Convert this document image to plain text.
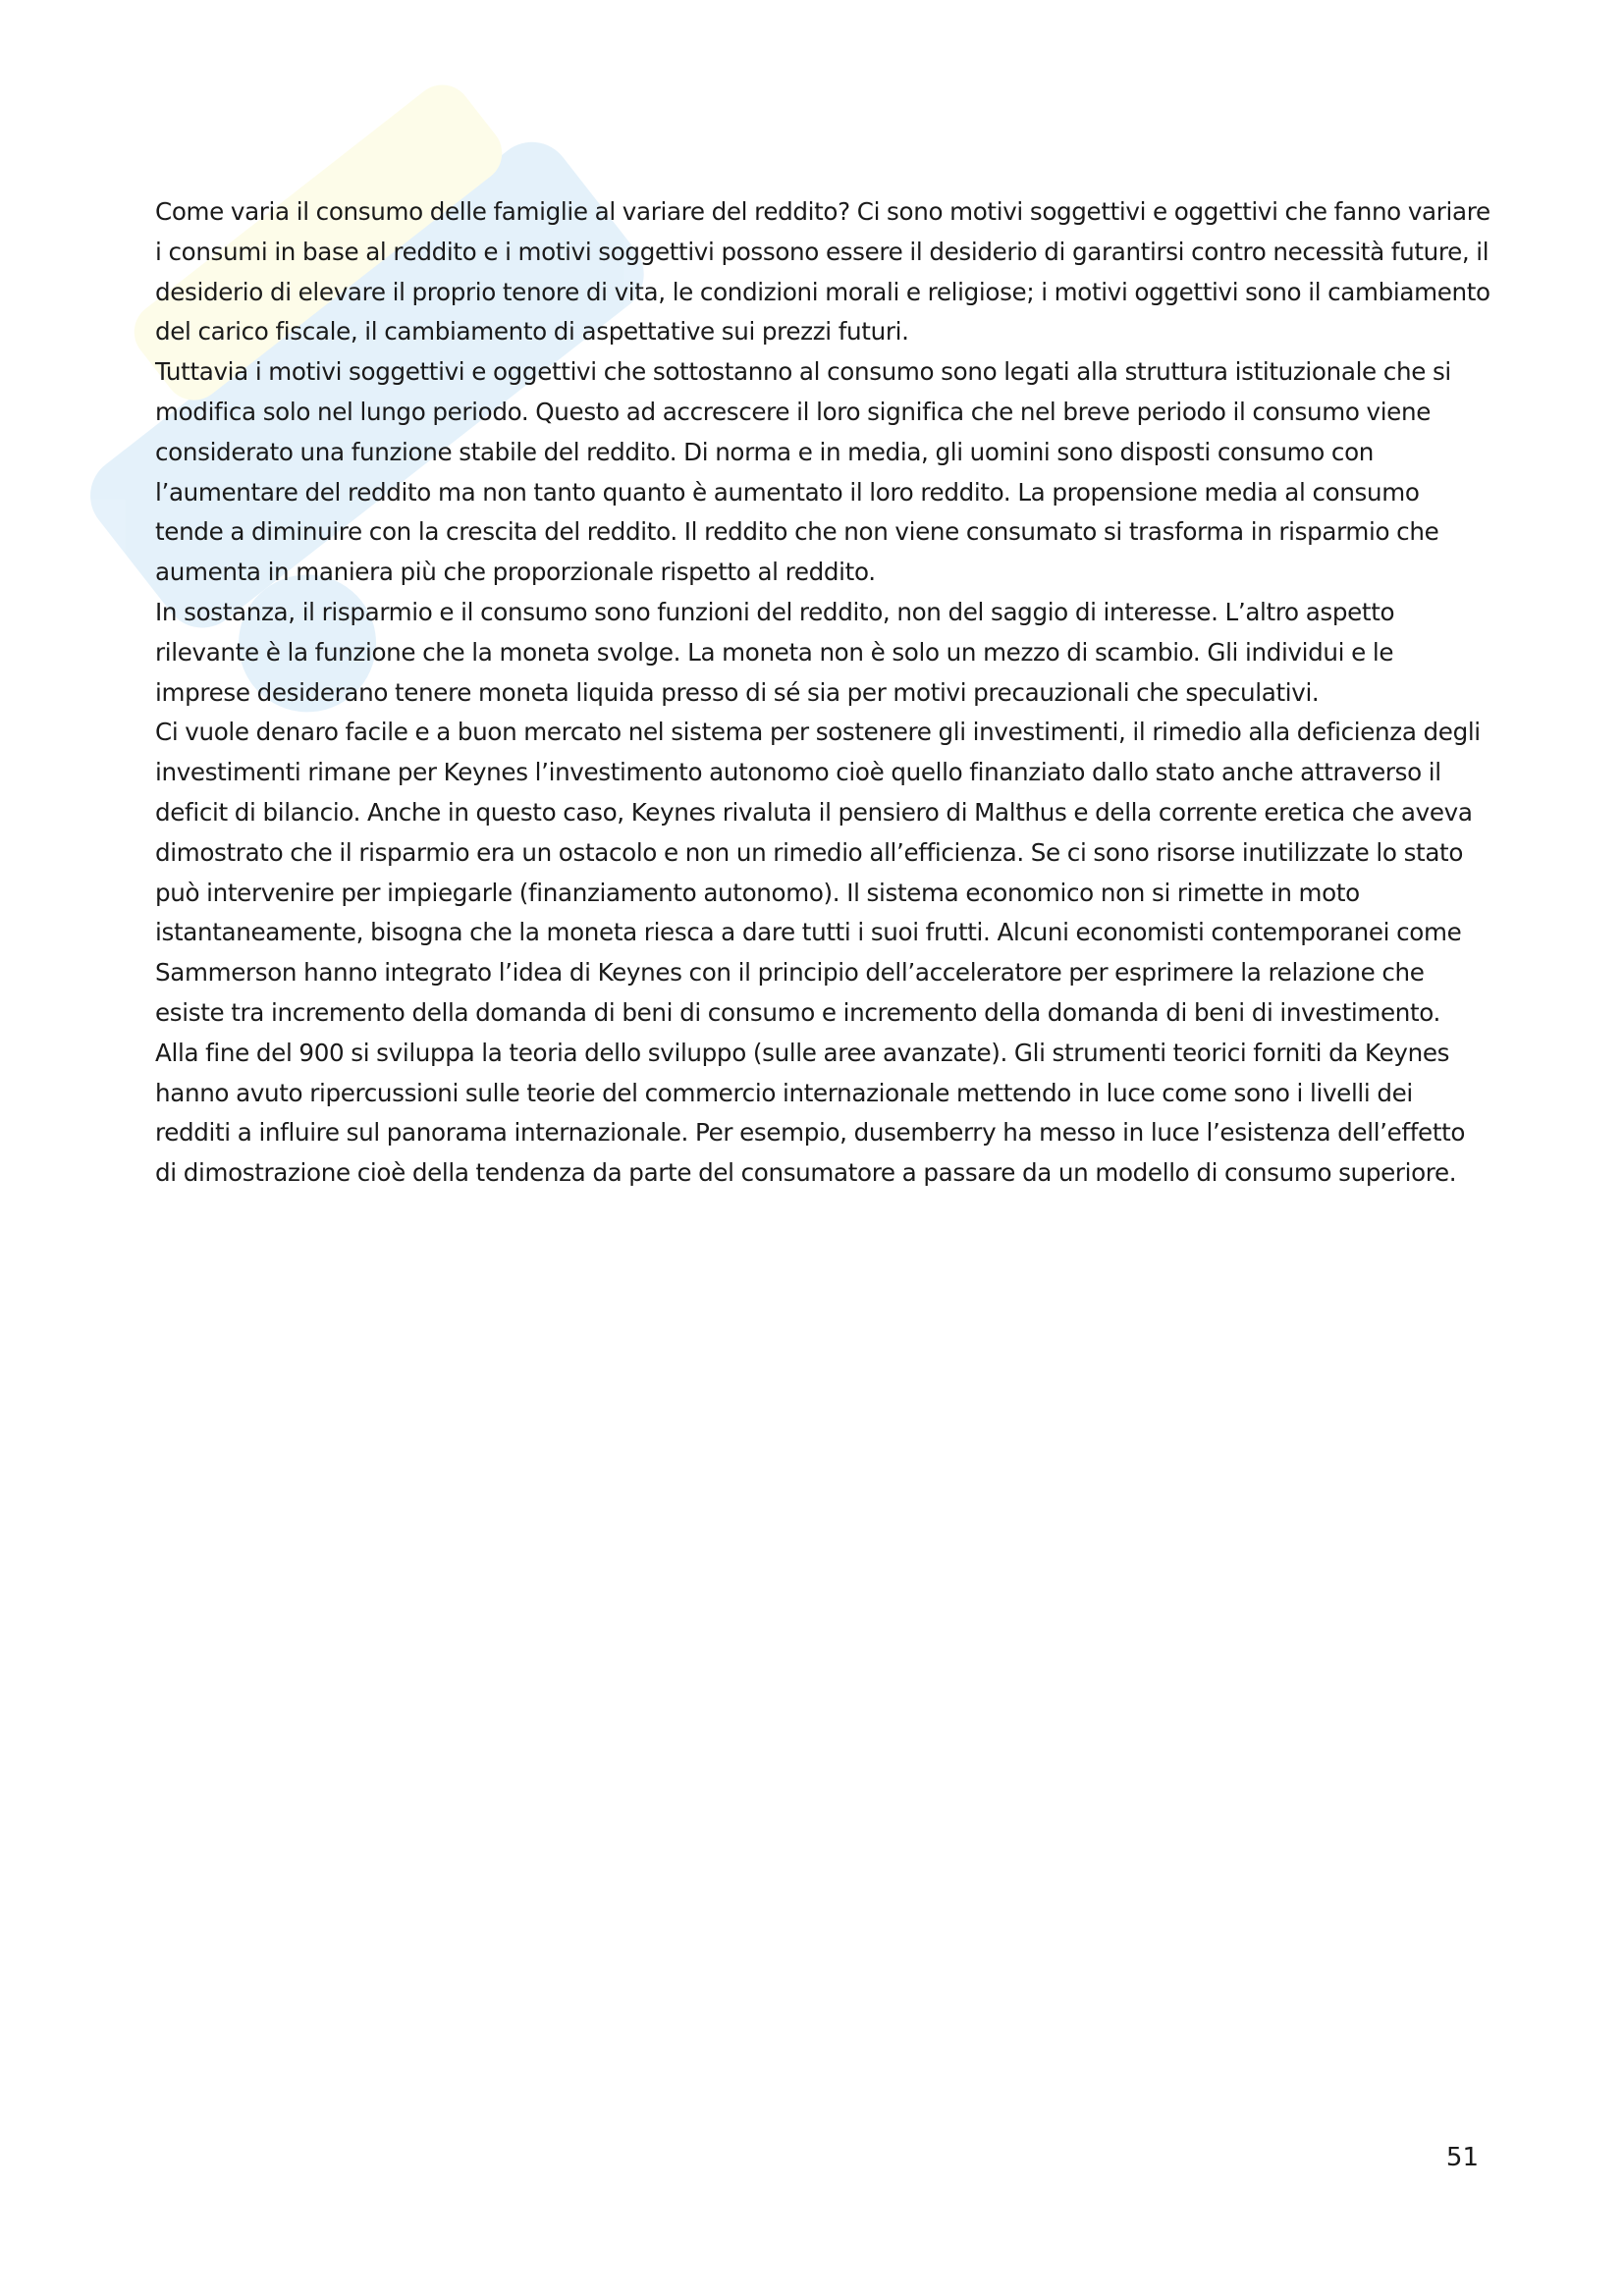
Come varia il consumo delle famiglie al variare del reddito? Ci sono motivi soggettivi e oggettivi che fanno variare i consumi in base al reddito e i motivi soggettivi possono essere il desiderio di garantirsi contro necessità future, il desiderio di elevare il proprio tenore di vita, le condizioni morali e religiose; i motivi oggettivi sono il cambiamento del carico fiscale, il cambiamento di aspettative sui prezzi futuri.

Tuttavia i motivi soggettivi e oggettivi che sottostanno al consumo sono legati alla struttura istituzionale che si modifica solo nel lungo periodo. Questo ad accrescere il loro significa che nel breve periodo il consumo viene considerato una funzione stabile del reddito. Di norma e in media, gli uomini sono disposti consumo con l’aumentare del reddito ma non tanto quanto è aumentato il loro reddito. La propensione media al consumo tende a diminuire con la crescita del reddito. Il reddito che non viene consumato si trasforma in risparmio che aumenta in maniera più che proporzionale rispetto al reddito.

In sostanza, il risparmio e il consumo sono funzioni del reddito, non del saggio di interesse. L’altro aspetto rilevante è la funzione che la moneta svolge. La moneta non è solo un mezzo di scambio. Gli individui e le imprese desiderano tenere moneta liquida presso di sé sia per motivi precauzionali che speculativi.

Ci vuole denaro facile e a buon mercato nel sistema per sostenere gli investimenti, il rimedio alla deficienza degli investimenti rimane per Keynes l’investimento autonomo cioè quello finanziato dallo stato anche attraverso il deficit di bilancio. Anche in questo caso, Keynes rivaluta il pensiero di Malthus e della corrente eretica che aveva dimostrato che il risparmio era un ostacolo e non un rimedio all’efficienza. Se ci sono risorse inutilizzate lo stato può intervenire per impiegarle (finanziamento autonomo). Il sistema economico non si rimette in moto istantaneamente, bisogna che la moneta riesca a dare tutti i suoi frutti. Alcuni economisti contemporanei come Sammerson hanno integrato l’idea di Keynes con il principio dell’acceleratore per esprimere la relazione che esiste tra incremento della domanda di beni di consumo e incremento della domanda di beni di investimento. Alla fine del 900 si sviluppa la teoria dello sviluppo (sulle aree avanzate). Gli strumenti teorici forniti da Keynes hanno avuto ripercussioni sulle teorie del commercio internazionale mettendo in luce come sono i livelli dei redditi a influire sul panorama internazionale. Per esempio, dusemberry ha messo in luce l’esistenza dell’effetto di dimostrazione cioè della tendenza da parte del consumatore a passare da un modello di consumo superiore.

51
